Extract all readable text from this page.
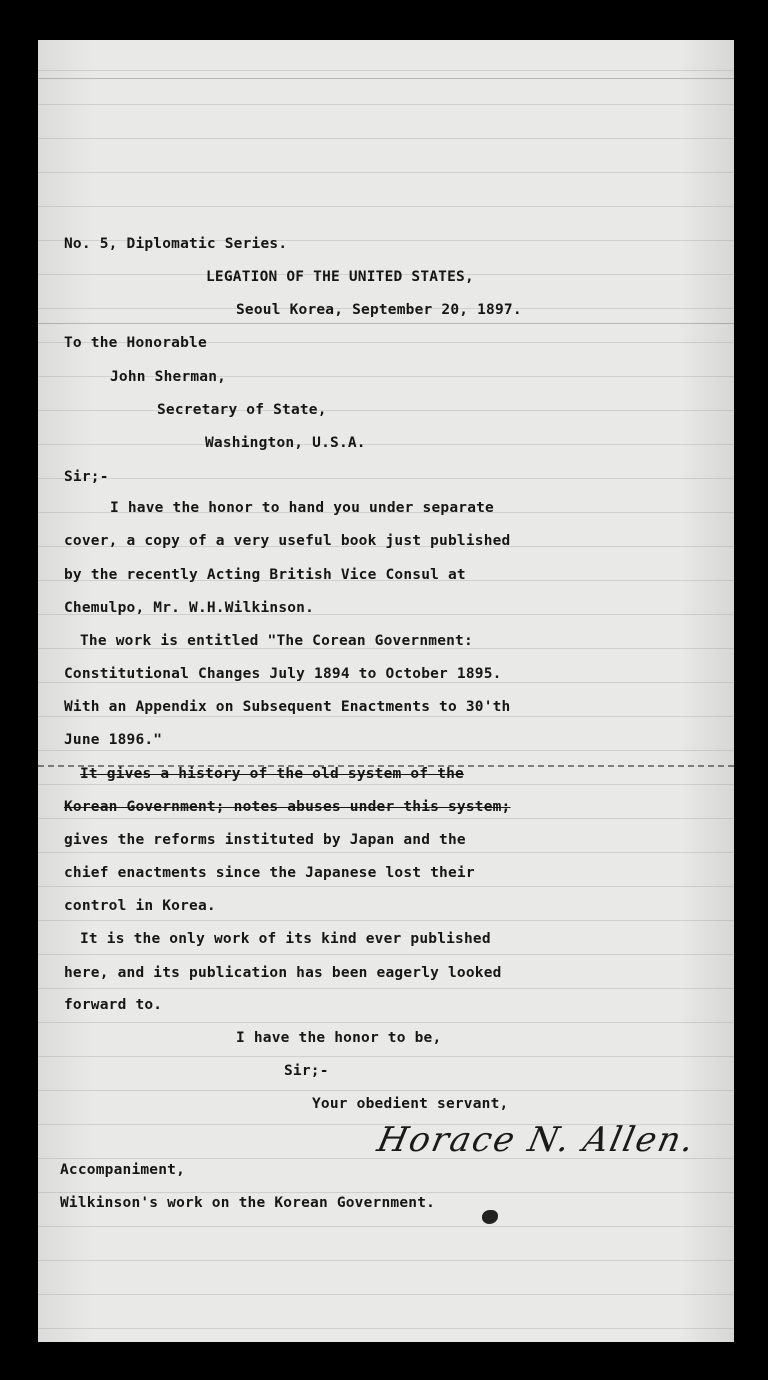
No. 5, Diplomatic Series.
LEGATION OF THE UNITED STATES,
Seoul Korea, September 20, 1897.
To the Honorable
John Sherman,
Secretary of State,
Washington, U.S.A.
Sir;-
I have the honor to hand you under separate
cover, a copy of a very useful book just published
by the recently Acting British Vice Consul at
Chemulpo, Mr. W.H.Wilkinson.
The work is entitled "The Corean Government:
Constitutional Changes July 1894 to October 1895.
With an Appendix on Subsequent Enactments to 30'th
June 1896."
It gives a history of the old system of the
Korean Government; notes abuses under this system;
gives the reforms instituted by Japan and the
chief enactments since the Japanese lost their
control in Korea.
It is the only work of its kind ever published
here, and its publication has been eagerly looked
forward to.
I have the honor to be,
Sir;-
Your obedient servant,
Horace N. Allen.
Accompaniment,
Wilkinson's work on the Korean Government.
